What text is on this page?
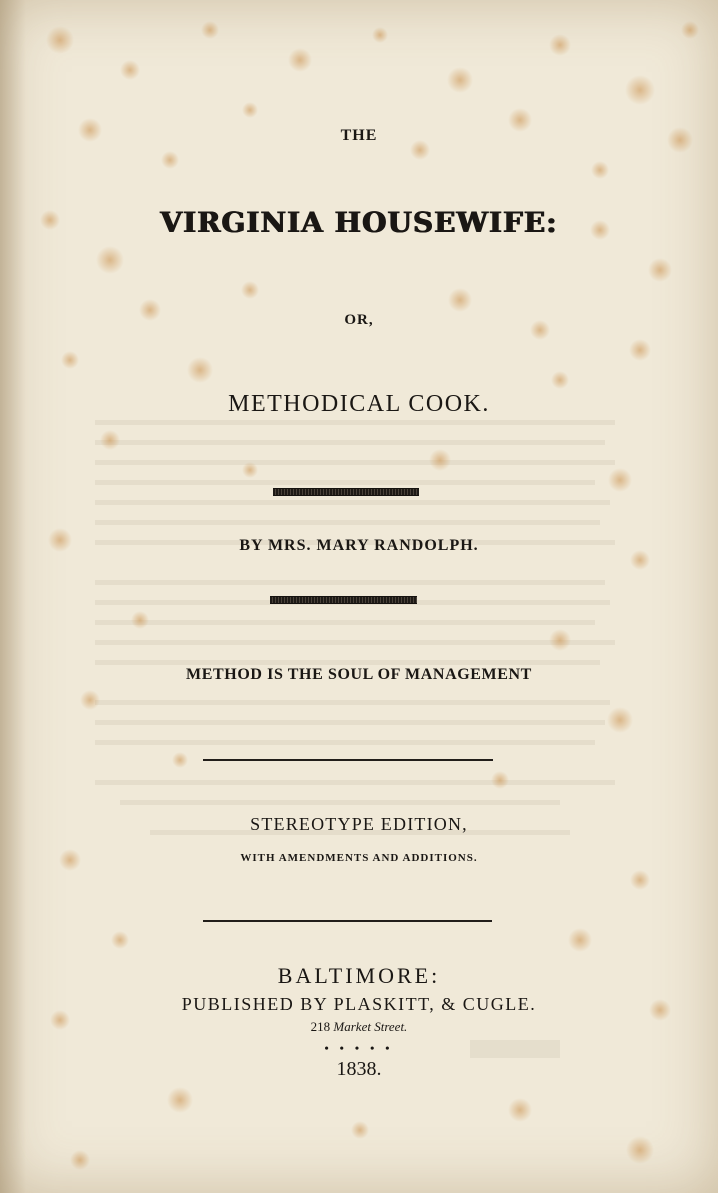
THE
VIRGINIA HOUSEWIFE:
OR,
METHODICAL COOK.
BY MRS. MARY RANDOLPH.
METHOD IS THE SOUL OF MANAGEMENT
STEREOTYPE EDITION,
WITH AMENDMENTS AND ADDITIONS.
BALTIMORE:
PUBLISHED BY PLASKITT, & CUGLE.
218 Market Street.
• • • • •
1838.
